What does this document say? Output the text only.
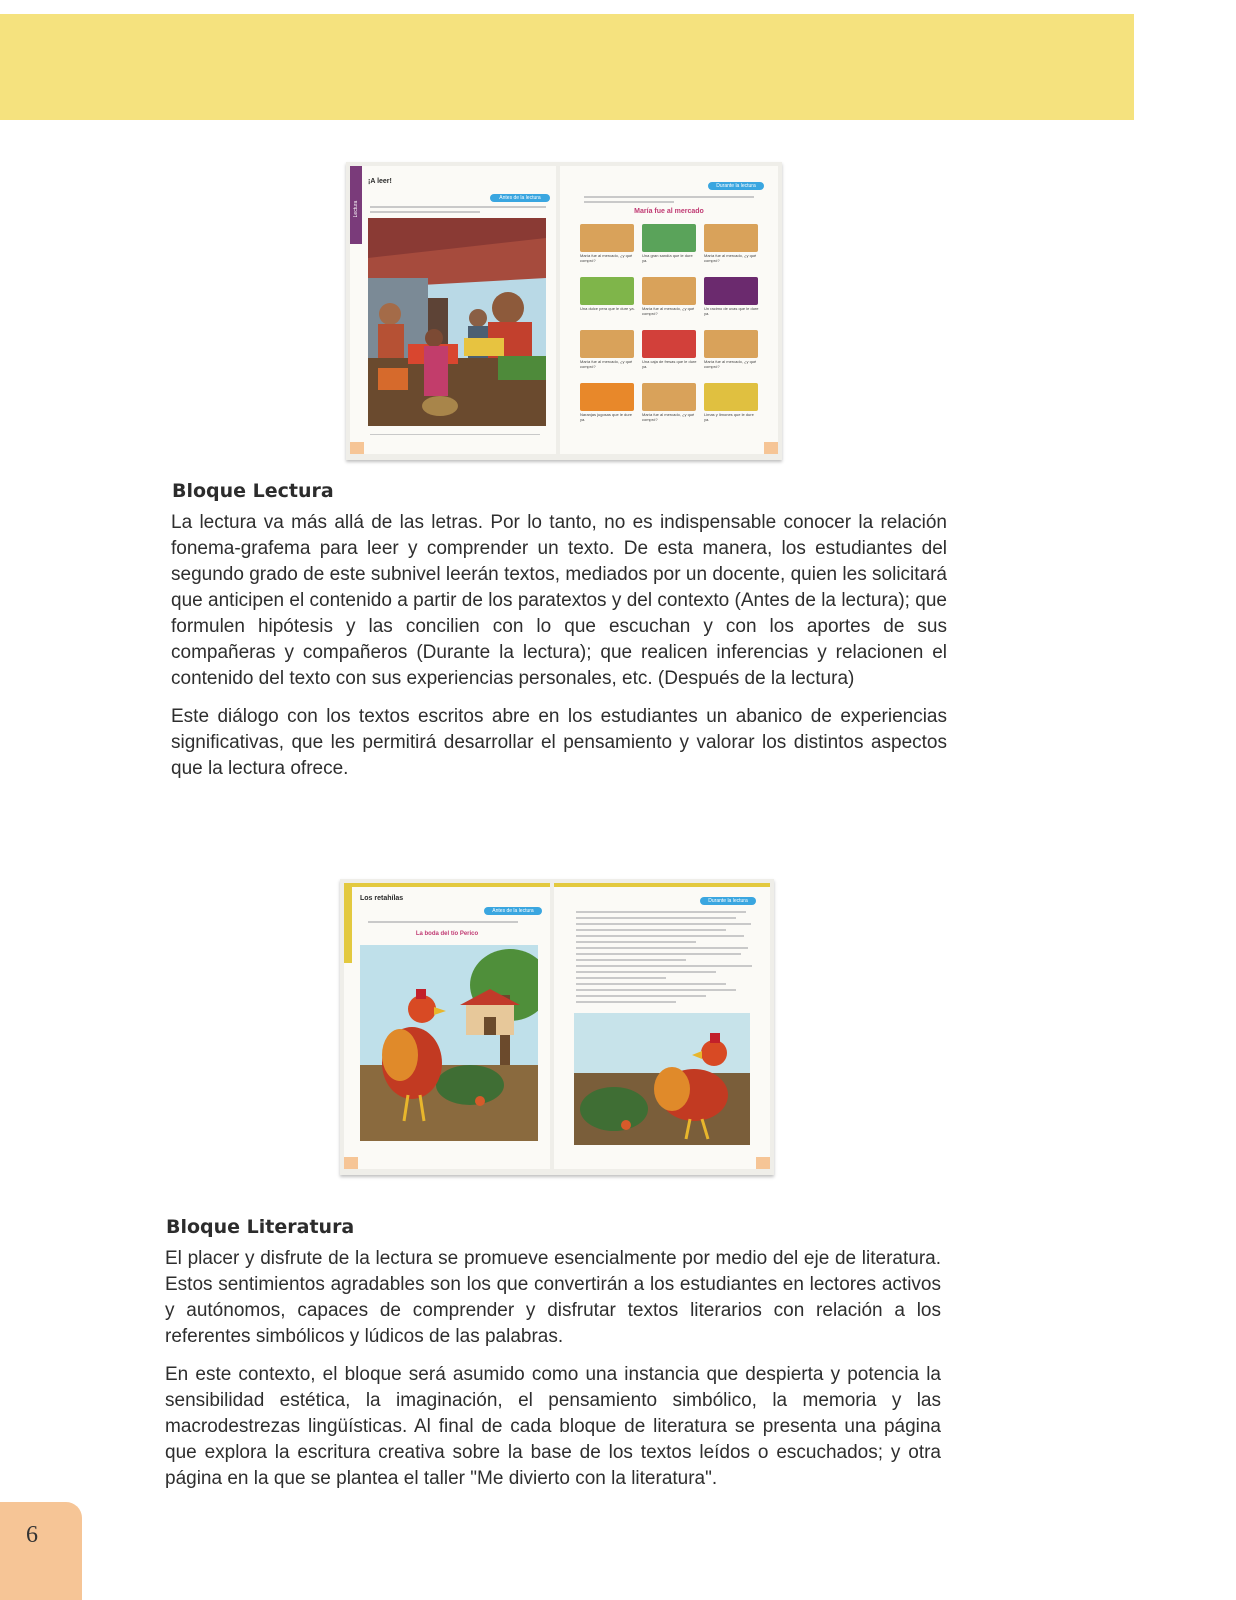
Lectura
¡A leer!
Antes de la lectura
Durante la lectura
María fue al mercado
María fue al mercado, ¿y qué compró?
Una gran sandía que le dure ya.
María fue al mercado, ¿y qué compró?
Una dulce pera que le dure ya.	María fue al mercado, ¿y qué compró?
Un racimo de uvas que le dure ya.
María fue al mercado, ¿y qué compró?
Una caja de fresas que le dure ya.
María fue al mercado, ¿y qué compró?
Naranjas jugosas que le dure ya.
María fue al mercado, ¿y qué compró?
Limas y limones que le dure ya.
Bloque Lectura

La lectura va más allá de las letras. Por lo tanto, no es indispensable conocer la relación fonema-grafema para leer y comprender un texto. De esta manera, los estudiantes del segundo grado de este subnivel leerán textos, mediados por un docente, quien les solicitará que anticipen el contenido a partir de los paratextos y del contexto (Antes de la lectura); que formulen hipótesis y las concilien con lo que escuchan y con los aportes de sus compañeras y compañeros (Durante la lectura); que realicen inferencias y relacionen el contenido del texto con sus experiencias personales, etc. (Después de la lectura)

Este diálogo con los textos escritos abre en los estudiantes un abanico de experiencias significativas, que les permitirá desarrollar el pensamiento y valorar los distintos aspectos que la lectura ofrece.

Los retahílas
Antes de la lectura
La boda del tío Perico
Durante la lectura
Bloque Literatura

El placer y disfrute de la lectura se promueve esencialmente por medio del eje de literatura. Estos sentimientos agradables son los que convertirán a los estudiantes en lectores activos y autónomos, capaces de comprender y disfrutar textos literarios con relación a los referentes simbólicos y lúdicos de las palabras.

En este contexto, el bloque será asumido como una instancia que despierta y potencia la sensibilidad estética, la imaginación, el pensamiento simbólico, la memoria y las macrodestrezas lingüísticas. Al final de cada bloque de literatura se presenta una página que explora la escritura creativa sobre la base de los textos leídos o escuchados; y otra página en la que se plantea el taller "Me divierto con la literatura".

6
